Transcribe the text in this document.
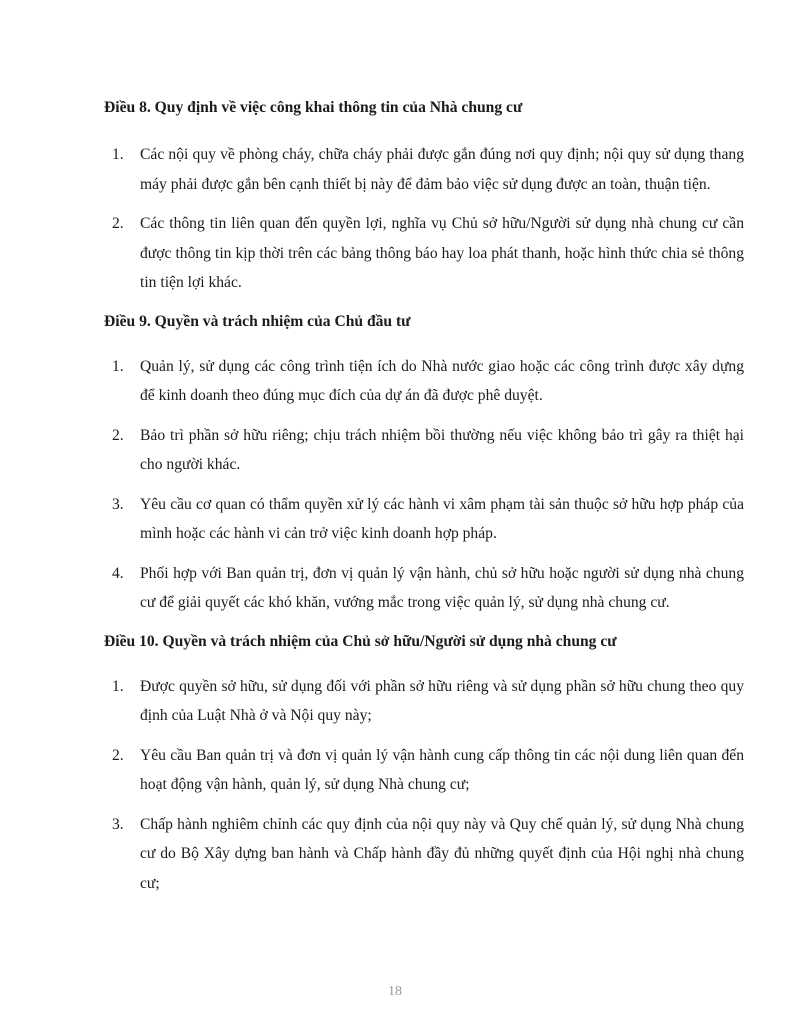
Điều 8. Quy định về việc công khai thông tin của Nhà chung cư
1. Các nội quy về phòng cháy, chữa cháy phải được gắn đúng nơi quy định; nội quy sử dụng thang máy phải được gắn bên cạnh thiết bị này để đảm bảo việc sử dụng được an toàn, thuận tiện.
2. Các thông tin liên quan đến quyền lợi, nghĩa vụ Chủ sở hữu/Người sử dụng nhà chung cư cần được thông tin kịp thời trên các bảng thông báo hay loa phát thanh, hoặc hình thức chia sẻ thông tin tiện lợi khác.
Điều 9. Quyền và trách nhiệm của Chủ đầu tư
1. Quản lý, sử dụng các công trình tiện ích do Nhà nước giao hoặc các công trình được xây dựng để kinh doanh theo đúng mục đích của dự án đã được phê duyệt.
2. Bảo trì phần sở hữu riêng; chịu trách nhiệm bồi thường nếu việc không bảo trì gây ra thiệt hại cho người khác.
3. Yêu cầu cơ quan có thẩm quyền xử lý các hành vi xâm phạm tài sản thuộc sở hữu hợp pháp của mình hoặc các hành vi cản trở việc kinh doanh hợp pháp.
4. Phối hợp với Ban quản trị, đơn vị quản lý vận hành, chủ sở hữu hoặc người sử dụng nhà chung cư để giải quyết các khó khăn, vướng mắc trong việc quản lý, sử dụng nhà chung cư.
Điều 10. Quyền và trách nhiệm của Chủ sở hữu/Người sử dụng nhà chung cư
1. Được quyền sở hữu, sử dụng đối với phần sở hữu riêng và sử dụng phần sở hữu chung theo quy định của Luật Nhà ở và Nội quy này;
2. Yêu cầu Ban quản trị và đơn vị quản lý vận hành cung cấp thông tin các nội dung liên quan đến hoạt động vận hành, quản lý, sử dụng Nhà chung cư;
3. Chấp hành nghiêm chỉnh các quy định của nội quy này và Quy chế quản lý, sử dụng Nhà chung cư do Bộ Xây dựng ban hành và Chấp hành đầy đủ những quyết định của Hội nghị nhà chung cư;
18
